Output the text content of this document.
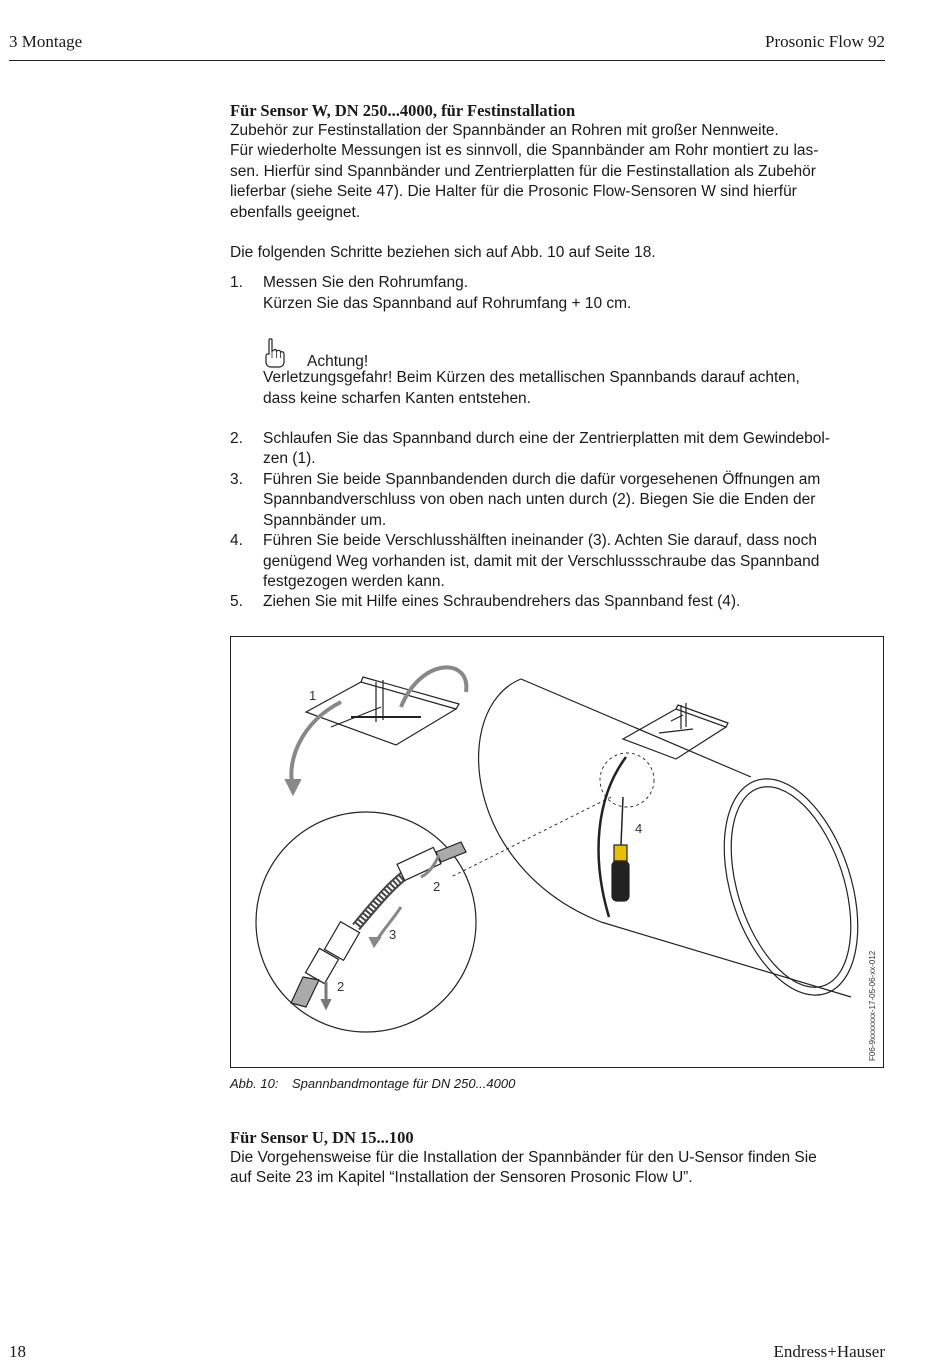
3 Montage	Prosonic Flow 92
Für Sensor W, DN 250...4000, für Festinstallation

Zubehör zur Festinstallation der Spannbänder an Rohren mit großer Nennweite.

Für wiederholte Messungen ist es sinnvoll, die Spannbänder am Rohr montiert zu las-

sen. Hierfür sind Spannbänder und Zentrierplatten für die Festinstallation als Zubehör

lieferbar (siehe Seite 47). Die Halter für die Prosonic Flow-Sensoren W sind hierfür

ebenfalls geeignet.

Die folgenden Schritte beziehen sich auf Abb. 10 auf Seite 18.

1. Messen Sie den Rohrumfang.
Kürzen Sie das Spannband auf Rohrumfang + 10 cm.
Achtung!
Verletzungsgefahr! Beim Kürzen des metallischen Spannbands darauf achten,
dass keine scharfen Kanten entstehen.
2. Schlaufen Sie das Spannband durch eine der Zentrierplatten mit dem Gewindebol-
zen (1).
3. Führen Sie beide Spannbandenden durch die dafür vorgesehenen Öffnungen am
Spannbandverschluss von oben nach unten durch (2). Biegen Sie die Enden der
Spannbänder um.
4. Führen Sie beide Verschlusshälften ineinander (3). Achten Sie darauf, dass noch
genügend Weg vorhanden ist, damit mit der Verschlussschraube das Spannband
festgezogen werden kann.
5. Ziehen Sie mit Hilfe eines Schraubendrehers das Spannband fest (4).
1
2
2
3
4
F06-9xxxxxxx-17-05-06-xx-012
Abb. 10: Spannbandmontage für DN 250...4000
Für Sensor U, DN 15...100

Die Vorgehensweise für die Installation der Spannbänder für den U-Sensor finden Sie

auf Seite 23 im Kapitel “Installation der Sensoren Prosonic Flow U”.

18	Endress+Hauser
